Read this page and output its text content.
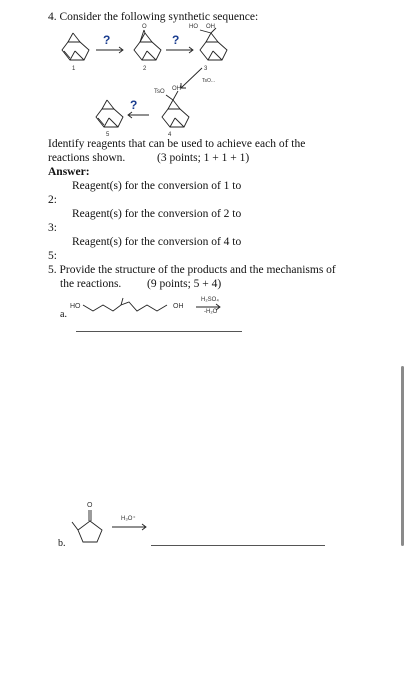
4. Consider the following synthetic sequence:
1
?
O
2
?
HO OH
3
TsO...
5
?
TsO OH
4
Identify reagents that can be used to achieve each of the
reactions shown.	(3 points; 1 + 1 + 1)
Answer:
Reagent(s) for the conversion of 1 to
2:
Reagent(s) for the conversion of 2 to
3:
Reagent(s) for the conversion of 4 to
5:
5. Provide the structure of the products and the mechanisms of
the reactions. (9 points; 5 + 4)
a.
HO	OH
H₂SO₄
-H₂O
O
b.
H₃O⁺
